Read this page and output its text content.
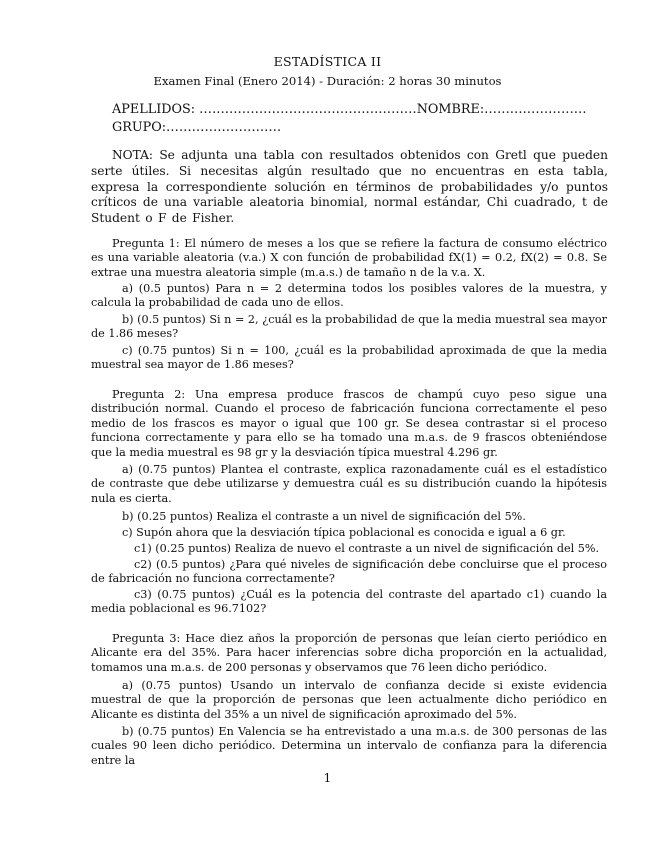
ESTADÍSTICA II
Examen Final (Enero 2014) - Duración: 2 horas 30 minutos
APELLIDOS: ……………………………………………NOMBRE:……………………
GRUPO:………………………
NOTA: Se adjunta una tabla con resultados obtenidos con Gretl que pueden serte útiles. Si necesitas algún resultado que no encuentras en esta tabla, expresa la correspondiente solución en términos de probabilidades y/o puntos críticos de una variable aleatoria binomial, normal estándar, Chi cuadrado, t de Student o F de Fisher.
Pregunta 1: El número de meses a los que se refiere la factura de consumo eléctrico es una variable aleatoria (v.a.) X con función de probabilidad fX(1) = 0.2, fX(2) = 0.8. Se extrae una muestra aleatoria simple (m.a.s.) de tamaño n de la v.a. X.
a) (0.5 puntos) Para n = 2 determina todos los posibles valores de la muestra, y calcula la probabilidad de cada uno de ellos.
b) (0.5 puntos) Si n = 2, ¿cuál es la probabilidad de que la media muestral sea mayor de 1.86 meses?
c) (0.75 puntos) Si n = 100, ¿cuál es la probabilidad aproximada de que la media muestral sea mayor de 1.86 meses?
Pregunta 2: Una empresa produce frascos de champú cuyo peso sigue una distribución normal. Cuando el proceso de fabricación funciona correctamente el peso medio de los frascos es mayor o igual que 100 gr. Se desea contrastar si el proceso funciona correctamente y para ello se ha tomado una m.a.s. de 9 frascos obteniéndose que la media muestral es 98 gr y la desviación típica muestral 4.296 gr.
a) (0.75 puntos) Plantea el contraste, explica razonadamente cuál es el estadístico de contraste que debe utilizarse y demuestra cuál es su distribución cuando la hipótesis nula es cierta.
b) (0.25 puntos) Realiza el contraste a un nivel de significación del 5%.
c) Supón ahora que la desviación típica poblacional es conocida e igual a 6 gr.
c1) (0.25 puntos) Realiza de nuevo el contraste a un nivel de significación del 5%.
c2) (0.5 puntos) ¿Para qué niveles de significación debe concluirse que el proceso de fabricación no funciona correctamente?
c3) (0.75 puntos) ¿Cuál es la potencia del contraste del apartado c1) cuando la media poblacional es 96.7102?
Pregunta 3: Hace diez años la proporción de personas que leían cierto periódico en Alicante era del 35%. Para hacer inferencias sobre dicha proporción en la actualidad, tomamos una m.a.s. de 200 personas y observamos que 76 leen dicho periódico.
a) (0.75 puntos) Usando un intervalo de confianza decide si existe evidencia muestral de que la proporción de personas que leen actualmente dicho periódico en Alicante es distinta del 35% a un nivel de significación aproximado del 5%.
b) (0.75 puntos) En Valencia se ha entrevistado a una m.a.s. de 300 personas de las cuales 90 leen dicho periódico. Determina un intervalo de confianza para la diferencia entre la
1
